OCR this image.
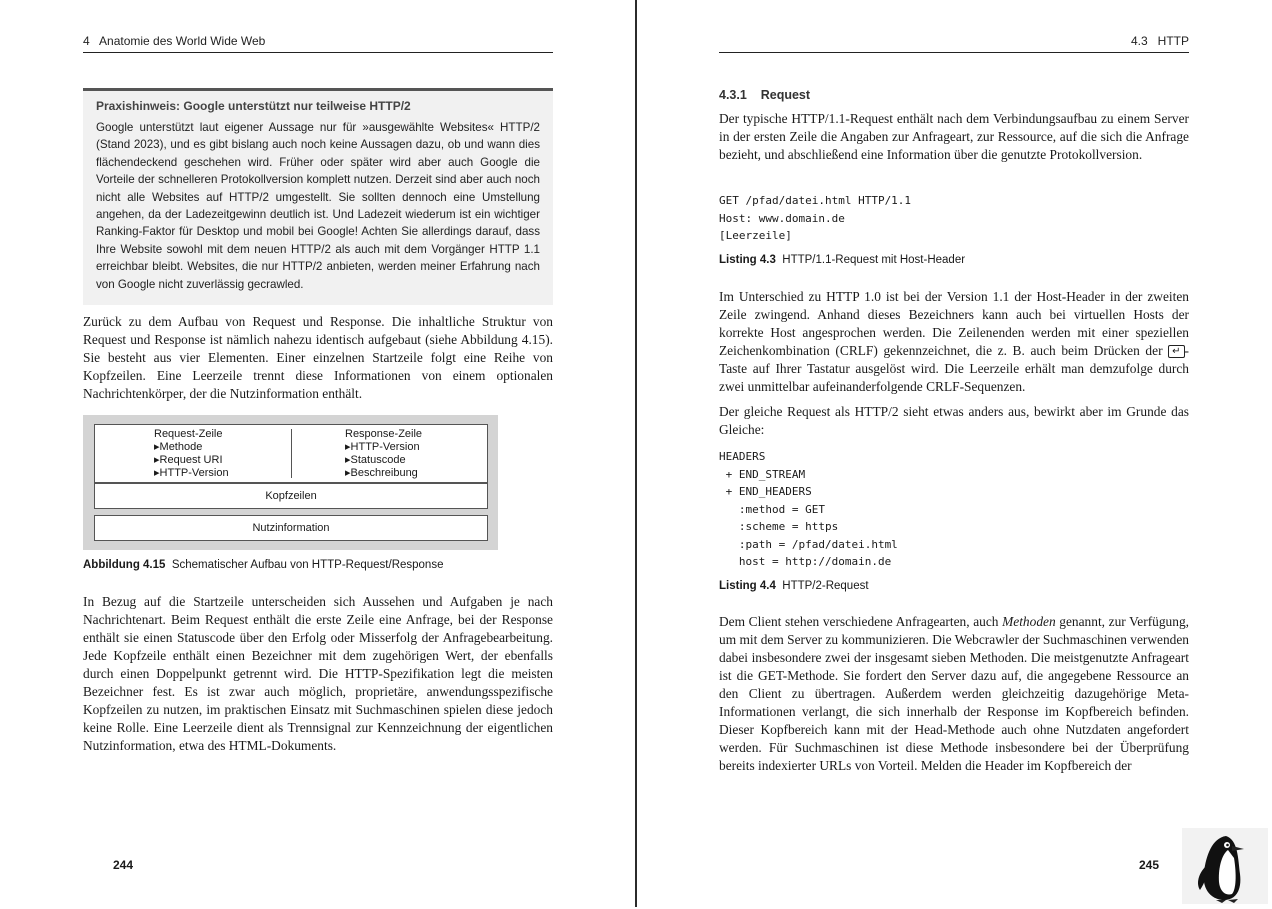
4 Anatomie des World Wide Web

Praxishinweis: Google unterstützt nur teilweise HTTP/2

Google unterstützt laut eigener Aussage nur für »ausgewählte Websites« HTTP/2 (Stand 2023), und es gibt bislang auch noch keine Aussagen dazu, ob und wann dies flächendeckend geschehen wird. Früher oder später wird aber auch Google die Vorteile der schnelleren Protokollversion komplett nutzen. Derzeit sind aber auch noch nicht alle Websites auf HTTP/2 umgestellt. Sie sollten dennoch eine Umstellung angehen, da der Ladezeitgewinn deutlich ist. Und Ladezeit wiederum ist ein wichtiger Ranking-Faktor für Desktop und mobil bei Google! Achten Sie allerdings darauf, dass Ihre Website sowohl mit dem neuen HTTP/2 als auch mit dem Vorgänger HTTP 1.1 erreichbar bleibt. Websites, die nur HTTP/2 anbieten, werden meiner Erfahrung nach von Google nicht zuverlässig gecrawled.

Zurück zu dem Aufbau von Request und Response. Die inhaltliche Struktur von Request und Response ist nämlich nahezu identisch aufgebaut (siehe Abbildung 4.15). Sie besteht aus vier Elementen. Einer einzelnen Startzeile folgt eine Reihe von Kopfzeilen. Eine Leerzeile trennt diese Informationen von einem optionalen Nachrichtenkörper, der die Nutzinformation enthält.

Request-Zeile
▸ Methode
▸ Request URI
▸ HTTP-Version
Response-Zeile
▸ HTTP-Version
▸ Statuscode
▸ Beschreibung
Kopfzeilen
Nutzinformation
Abbildung 4.15 Schematischer Aufbau von HTTP-Request/Response

In Bezug auf die Startzeile unterscheiden sich Aussehen und Aufgaben je nach Nachrichtenart. Beim Request enthält die erste Zeile eine Anfrage, bei der Response enthält sie einen Statuscode über den Erfolg oder Misserfolg der Anfragebearbeitung. Jede Kopfzeile enthält einen Bezeichner mit dem zugehörigen Wert, der ebenfalls durch einen Doppelpunkt getrennt wird. Die HTTP-Spezifikation legt die meisten Bezeichner fest. Es ist zwar auch möglich, proprietäre, anwendungsspezifische Kopfzeilen zu nutzen, im praktischen Einsatz mit Suchmaschinen spielen diese jedoch keine Rolle. Eine Leerzeile dient als Trennsignal zur Kennzeichnung der eigentlichen Nutzinformation, etwa des HTML-Dokuments.

244
4.3 HTTP
4.3.1 Request

Der typische HTTP/1.1-Request enthält nach dem Verbindungsaufbau zu einem Server in der ersten Zeile die Angaben zur Anfrageart, zur Ressource, auf die sich die Anfrage bezieht, und abschließend eine Information über die genutzte Protokollversion.

GET /pfad/datei.html HTTP/1.1
Host: www.domain.de
[Leerzeile]
Listing 4.3 HTTP/1.1-Request mit Host-Header

Im Unterschied zu HTTP 1.0 ist bei der Version 1.1 der Host-Header in der zweiten Zeile zwingend. Anhand dieses Bezeichners kann auch bei virtuellen Hosts der korrekte Host angesprochen werden. Die Zeilenenden werden mit einer speziellen Zeichenkombination (CRLF) gekennzeichnet, die z. B. auch beim Drücken der ↵ -Taste auf Ihrer Tastatur ausgelöst wird. Die Leerzeile erhält man demzufolge durch zwei unmittelbar aufeinanderfolgende CRLF-Sequenzen.

Der gleiche Request als HTTP/2 sieht etwas anders aus, bewirkt aber im Grunde das Gleiche:

HEADERS
+ END_STREAM
+ END_HEADERS
:method = GET
:scheme = https
:path = /pfad/datei.html
host = http://domain.de
Listing 4.4 HTTP/2-Request

Dem Client stehen verschiedene Anfragearten, auch Methoden genannt, zur Verfügung, um mit dem Server zu kommunizieren. Die Webcrawler der Suchmaschinen verwenden dabei insbesondere zwei der insgesamt sieben Methoden. Die meistgenutzte Anfrageart ist die GET-Methode. Sie fordert den Server dazu auf, die angegebene Ressource an den Client zu übertragen. Außerdem werden gleichzeitig dazugehörige Meta-Informationen verlangt, die sich innerhalb der Response im Kopfbereich befinden. Dieser Kopfbereich kann mit der Head-Methode auch ohne Nutzdaten angefordert werden. Für Suchmaschinen ist diese Methode insbesondere bei der Überprüfung bereits indexierter URLs von Vorteil. Melden die Header im Kopfbereich der

245
